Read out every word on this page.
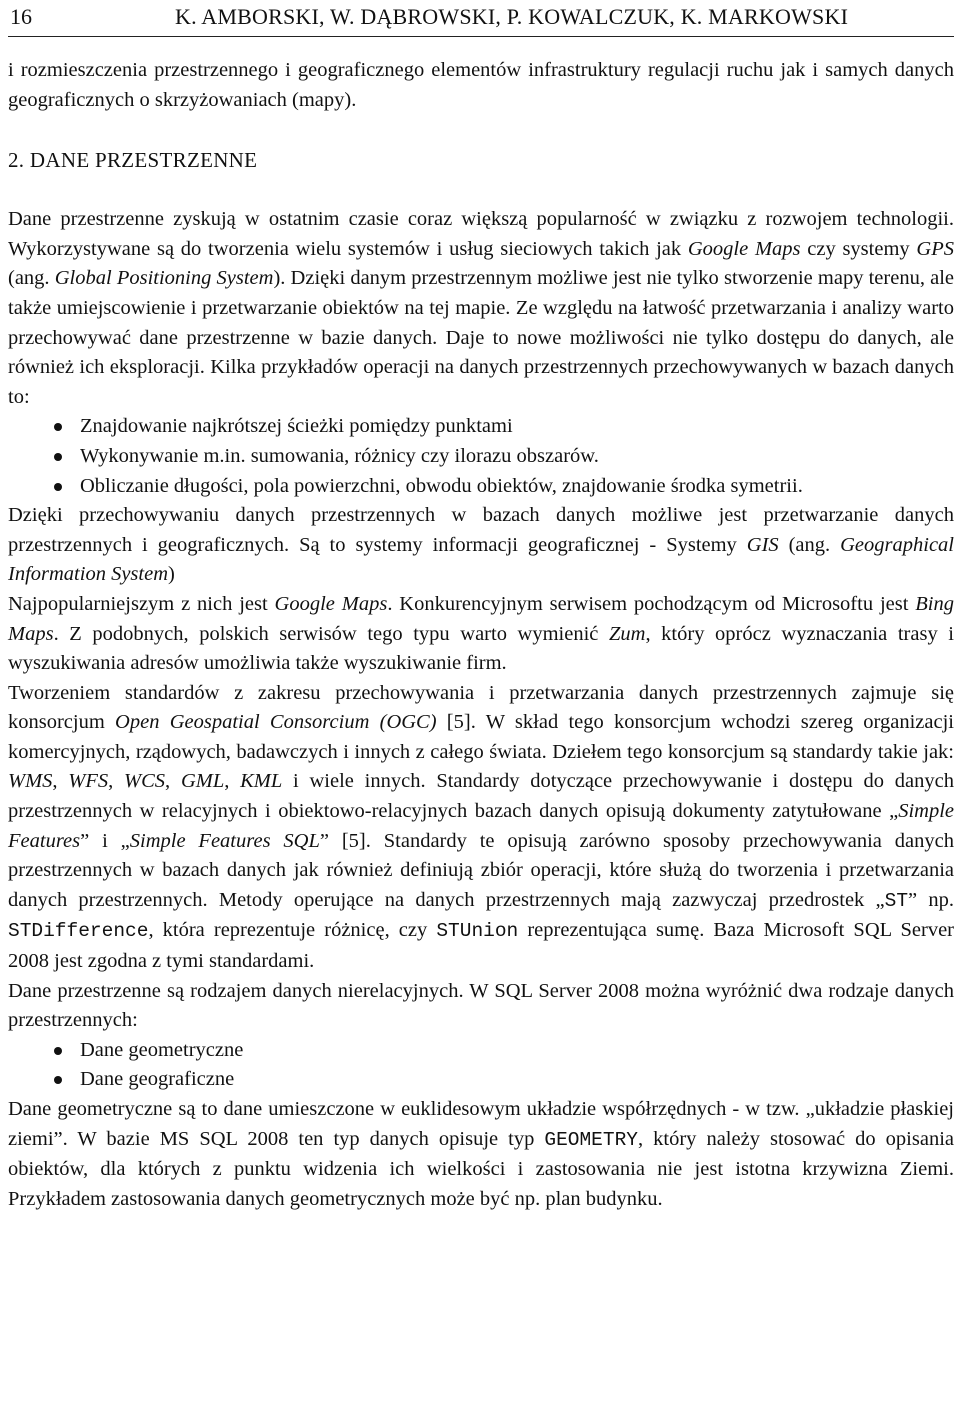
16	K. AMBORSKI, W. DĄBROWSKI, P. KOWALCZUK, K. MARKOWSKI

i rozmieszczenia przestrzennego i geograficznego elementów infrastruktury regulacji ruchu jak i samych danych geograficznych o skrzyżowaniach (mapy).

2. DANE PRZESTRZENNE

Dane przestrzenne zyskują w ostatnim czasie coraz większą popularność w związku z rozwojem technologii. Wykorzystywane są do tworzenia wielu systemów i usług sieciowych takich jak Google Maps czy systemy GPS (ang. Global Positioning System). Dzięki danym przestrzennym możliwe jest nie tylko stworzenie mapy terenu, ale także umiejscowienie i przetwarzanie obiektów na tej mapie. Ze względu na łatwość przetwarzania i analizy warto przechowywać dane przestrzenne w bazie danych. Daje to nowe możliwości nie tylko dostępu do danych, ale również ich eksploracji. Kilka przykładów operacji na danych przestrzennych przechowywanych w bazach danych to:

Znajdowanie najkrótszej ścieżki pomiędzy punktami
Wykonywanie m.in. sumowania, różnicy czy ilorazu obszarów.
Obliczanie długości, pola powierzchni, obwodu obiektów, znajdowanie środka symetrii.

Dzięki przechowywaniu danych przestrzennych w bazach danych możliwe jest przetwarzanie danych przestrzennych i geograficznych. Są to systemy informacji geograficznej - Systemy GIS (ang. Geographical Information System)

Najpopularniejszym z nich jest Google Maps. Konkurencyjnym serwisem pochodzącym od Microsoftu jest Bing Maps. Z podobnych, polskich serwisów tego typu warto wymienić Zum, który oprócz wyznaczania trasy i wyszukiwania adresów umożliwia także wyszukiwanie firm.

Tworzeniem standardów z zakresu przechowywania i przetwarzania danych przestrzennych zajmuje się konsorcjum Open Geospatial Consorcium (OGC) [5]. W skład tego konsorcjum wchodzi szereg organizacji komercyjnych, rządowych, badawczych i innych z całego świata. Dziełem tego konsorcjum są standardy takie jak: WMS, WFS, WCS, GML, KML i wiele innych. Standardy dotyczące przechowywanie i dostępu do danych przestrzennych w relacyjnych i obiektowo-relacyjnych bazach danych opisują dokumenty zatytułowane „Simple Features” i „Simple Features SQL” [5]. Standardy te opisują zarówno sposoby przechowywania danych przestrzennych w bazach danych jak również definiują zbiór operacji, które służą do tworzenia i przetwarzania danych przestrzennych. Metody operujące na danych przestrzennych mają zazwyczaj przedrostek „ST” np. STDifference, która reprezentuje różnicę, czy STUnion reprezentująca sumę. Baza Microsoft SQL Server 2008 jest zgodna z tymi standardami.

Dane przestrzenne są rodzajem danych nierelacyjnych. W SQL Server 2008 można wyróżnić dwa rodzaje danych przestrzennych:

Dane geometryczne
Dane geograficzne

Dane geometryczne są to dane umieszczone w euklidesowym układzie współrzędnych - w tzw. „układzie płaskiej ziemi”. W bazie MS SQL 2008 ten typ danych opisuje typ GEOMETRY, który należy stosować do opisania obiektów, dla których z punktu widzenia ich wielkości i zastosowania nie jest istotna krzywizna Ziemi. Przykładem zastosowania danych geometrycznych może być np. plan budynku.
